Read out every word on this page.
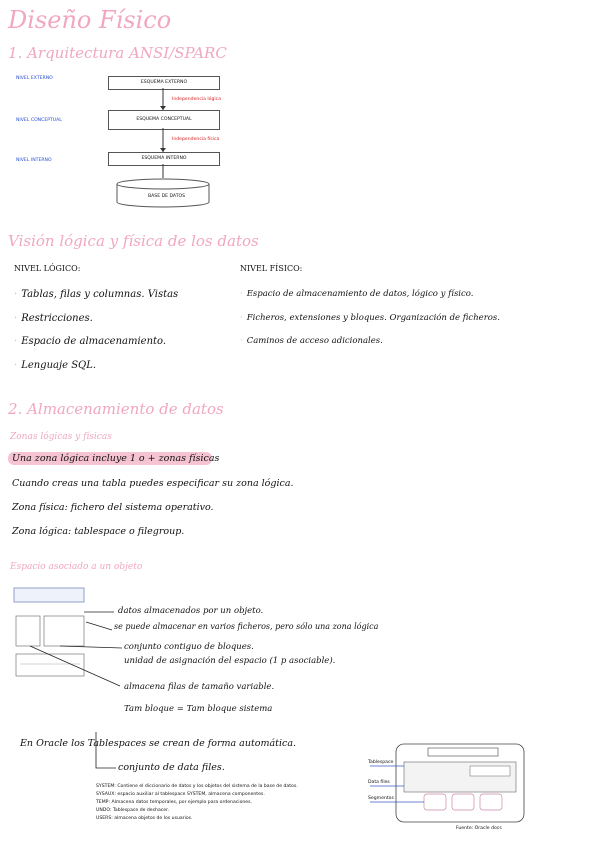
Diseño Físico
1. Arquitectura ANSI/SPARC
NIVEL EXTERNO
NIVEL CONCEPTUAL
NIVEL INTERNO
ESQUEMA EXTERNO
ESQUEMA CONCEPTUAL
ESQUEMA INTERNO
Independencia lógica
Independencia física
BASE DE DATOS
Visión lógica y física de los datos
NIVEL LÓGICO:
· Tablas, filas y columnas. Vistas
· Restricciones.
· Espacio de almacenamiento.
· Lenguaje SQL.
NIVEL FÍSICO:
· Espacio de almacenamiento de datos, lógico y físico.
· Ficheros, extensiones y bloques. Organización de ficheros.
· Caminos de acceso adicionales.
2. Almacenamiento de datos
Zonas lógicas y físicas
Una zona lógica incluye 1 o + zonas físicas
Cuando creas una tabla puedes especificar su zona lógica.
Zona física: fichero del sistema operativo.
Zona lógica: tablespace o filegroup.
Espacio asociado a un objeto
datos almacenados por un objeto.
se puede almacenar en varios ficheros, pero sólo una zona lógica
conjunto contiguo de bloques.
unidad de asignación del espacio (1 p asociable).
almacena filas de tamaño variable.
Tam bloque = Tam bloque sistema
En Oracle los Tablespaces se crean de forma automática.
conjunto de data files.
SYSTEM: Contiene el diccionario de datos y los objetos del sistema de la base de datos.
SYSAUX: espacio auxiliar al tablespace SYSTEM, almacena componentes.
TEMP: Almacena datos temporales, por ejemplo para ordenaciones.
UNDO: Tablespace de deshacer.
USERS: almacena objetos de los usuarios.
Tablespace
Data files
Segmentos
Fuente: Oracle docs
